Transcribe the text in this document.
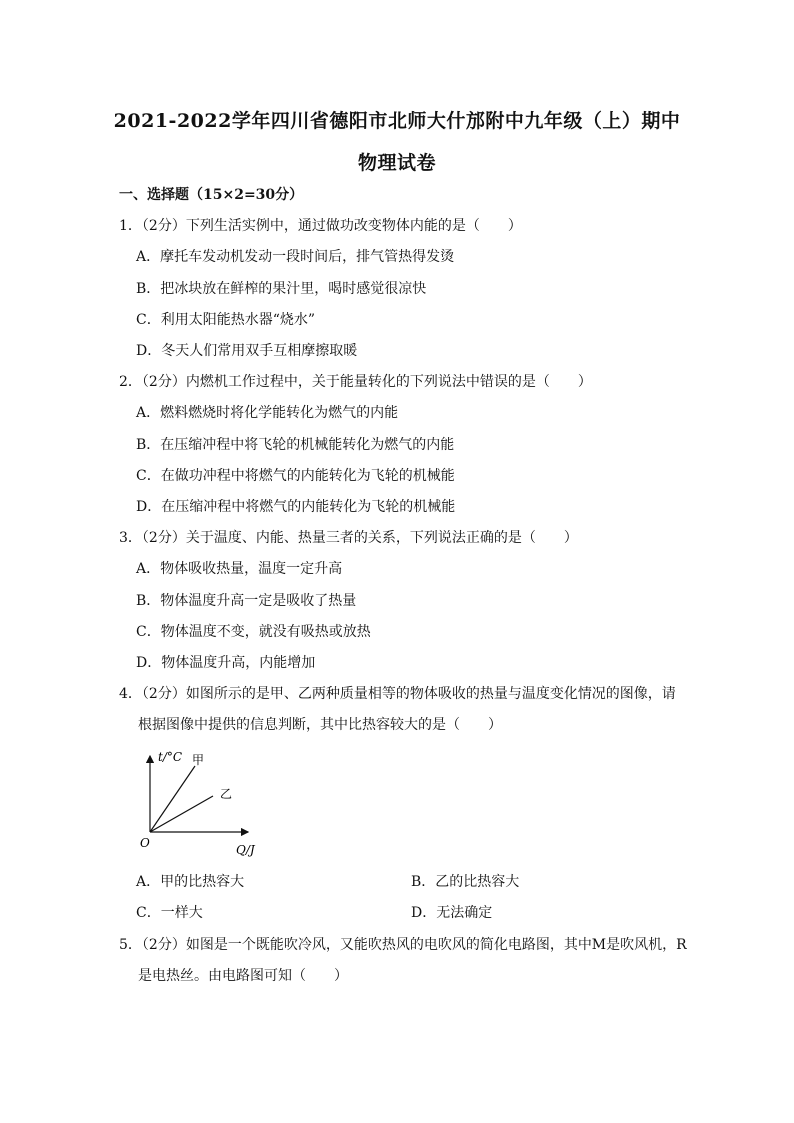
2021-2022学年四川省德阳市北师大什邡附中九年级（上）期中
物理试卷
一、选择题（15×2=30分）
1．（2分）下列生活实例中，通过做功改变物体内能的是（　　）
A．摩托车发动机发动一段时间后，排气管热得发烫
B．把冰块放在鲜榨的果汁里，喝时感觉很凉快
C．利用太阳能热水器“烧水”
D．冬天人们常用双手互相摩擦取暖
2．（2分）内燃机工作过程中，关于能量转化的下列说法中错误的是（　　）
A．燃料燃烧时将化学能转化为燃气的内能
B．在压缩冲程中将飞轮的机械能转化为燃气的内能
C．在做功冲程中将燃气的内能转化为飞轮的机械能
D．在压缩冲程中将燃气的内能转化为飞轮的机械能
3．（2分）关于温度、内能、热量三者的关系，下列说法正确的是（　　）
A．物体吸收热量，温度一定升高
B．物体温度升高一定是吸收了热量
C．物体温度不变，就没有吸热或放热
D．物体温度升高，内能增加
4．（2分）如图所示的是甲、乙两种质量相等的物体吸收的热量与温度变化情况的图像，请
根据图像中提供的信息判断，其中比热容较大的是（　　）
t/°C 甲
乙
O	Q/J
A．甲的比热容大	B．乙的比热容大
C．一样大	D．无法确定
5．（2分）如图是一个既能吹冷风，又能吹热风的电吹风的简化电路图，其中M是吹风机，R
是电热丝。由电路图可知（　　）
